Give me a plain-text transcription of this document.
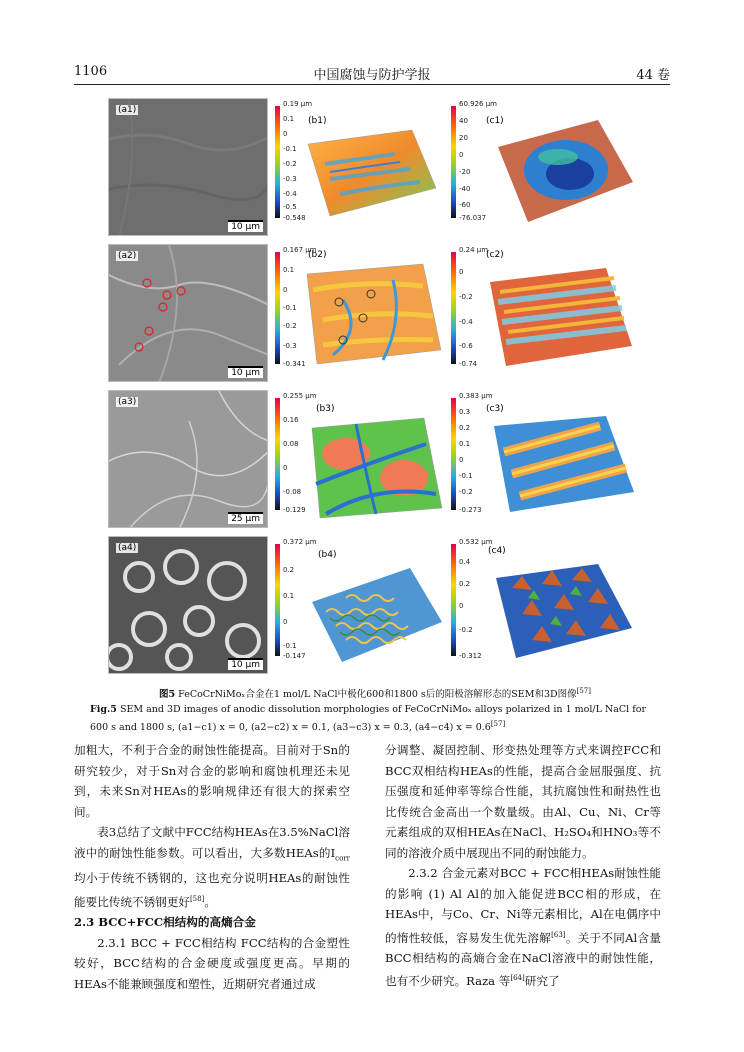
1106	中国腐蚀与防护学报	44 卷
(a1)
10 μm
0.19 μm
0.1
0
-0.1
-0.2
-0.3
-0.4
-0.5
-0.548
(b1)
60.926 μm
40
20
0
-20
-40
-60
-76.037
(c1)
(a2)
10 μm
0.167 μm
0.1
0
-0.1
-0.2
-0.3
-0.341
(b2)	0.24 μm
0
-0.2
-0.4
-0.6
-0.74
(c2)
(a3)
25 μm
0.255 μm
0.16
0.08
0
-0.08
-0.129
(b3)
0.383 μm
0.3
0.2
0.1
0
-0.1
-0.2
-0.273
(c3)
(a4)
10 μm
0.372 μm
0.2
0.1
0
-0.1
-0.147
(b4)
0.532 μm
0.4
0.2
0
-0.2
-0.312
(c4)
图5 FeCoCrNiMoₓ合金在1 mol/L NaCl中极化600和1800 s后的阳极溶解形态的SEM和3D图像[57]
Fig.5 SEM and 3D images of anodic dissolution morphologies of FeCoCrNiMoₓ alloys polarized in 1 mol/L NaCl for 600 s and 1800 s, (a1−c1) x = 0, (a2−c2) x = 0.1, (a3−c3) x = 0.3, (a4−c4) x = 0.6[57]

加粗大，不利于合金的耐蚀性能提高。目前对于Sn的研究较少，对于Sn对合金的影响和腐蚀机理还未见到，未来Sn对HEAs的影响规律还有很大的探索空间。

表3总结了文献中FCC结构HEAs在3.5%NaCl溶液中的耐蚀性能参数。可以看出，大多数HEAs的$I_{corr}$均小于传统不锈钢的，这也充分说明HEAs的耐蚀性能要比传统不锈钢更好[58]。

2.3 BCC+FCC相结构的高熵合金

2.3.1 BCC + FCC相结构 FCC结构的合金塑性较好，BCC结构的合金硬度或强度更高。早期的HEAs不能兼顾强度和塑性，近期研究者通过成

分调整、凝固控制、形变热处理等方式来调控FCC和BCC双相结构HEAs的性能，提高合金屈服强度、抗压强度和延伸率等综合性能，其抗腐蚀性和耐热性也比传统合金高出一个数量级。由Al、Cu、Ni、Cr等元素组成的双相HEAs在NaCl、H₂SO₄和HNO₃等不同的溶液介质中展现出不同的耐蚀能力。

2.3.2 合金元素对BCC + FCC相HEAs耐蚀性能的影响 (1) Al Al的加入能促进BCC相的形成，在HEAs中，与Co、Cr、Ni等元素相比，Al在电偶序中的惰性较低，容易发生优先溶解[63]。关于不同Al含量BCC相结构的高熵合金在NaCl溶液中的耐蚀性能，也有不少研究。Raza 等[64]研究了
